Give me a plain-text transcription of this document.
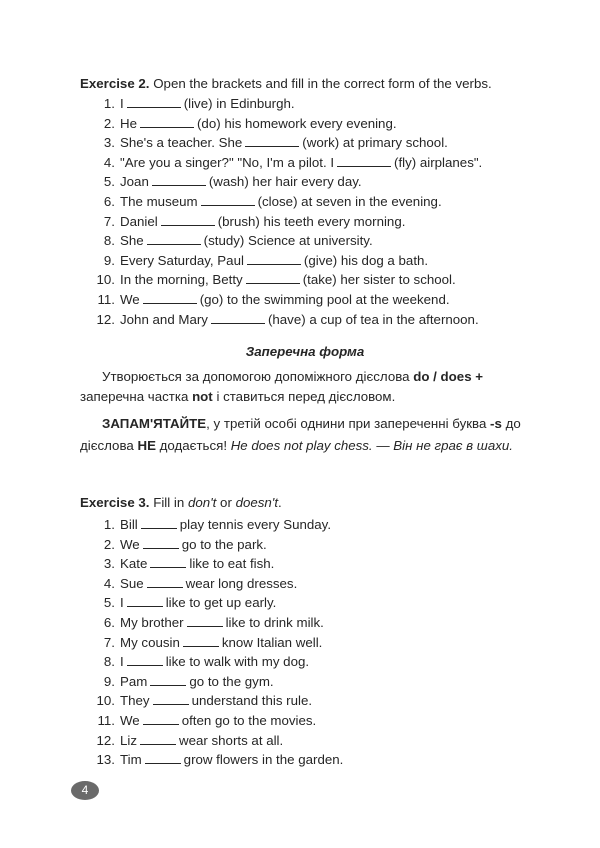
Exercise 2. Open the brackets and fill in the correct form of the verbs.
1. I	(live) in Edinburgh.
2. He	(do) his homework every evening.
3. She's a teacher. She	(work) at primary school.
4. "Are you a singer?" "No, I'm a pilot. I	(fly) airplanes".
5. Joan	(wash) her hair every day.
6. The museum	(close) at seven in the evening.
7. Daniel	(brush) his teeth every morning.
8. She	(study) Science at university.
9. Every Saturday, Paul	(give) his dog a bath.
10. In the morning, Betty	(take) her sister to school.
11. We	(go) to the swimming pool at the weekend.
12. John and Mary	(have) a cup of tea in the afternoon.
Заперечна форма

Утворюється за допомогою допоміжного дієслова do / does + заперечна частка not і ставиться перед дієсловом.

ЗАПАМ'ЯТАЙТЕ, у третій особі однини при запереченні буква -s до дієслова НЕ додається! He does not play chess. — Він не грає в шахи.

Exercise 3. Fill in don't or doesn't.
1. Bill	play tennis every Sunday.
2. We	go to the park.
3. Kate	like to eat fish.
4. Sue	wear long dresses.
5. I	like to get up early.
6. My brother	like to drink milk.
7. My cousin	know Italian well.
8. I	like to walk with my dog.
9. Pam	go to the gym.
10. They	understand this rule.
11. We	often go to the movies.
12. Liz	wear shorts at all.
13. Tim	grow flowers in the garden.
4
